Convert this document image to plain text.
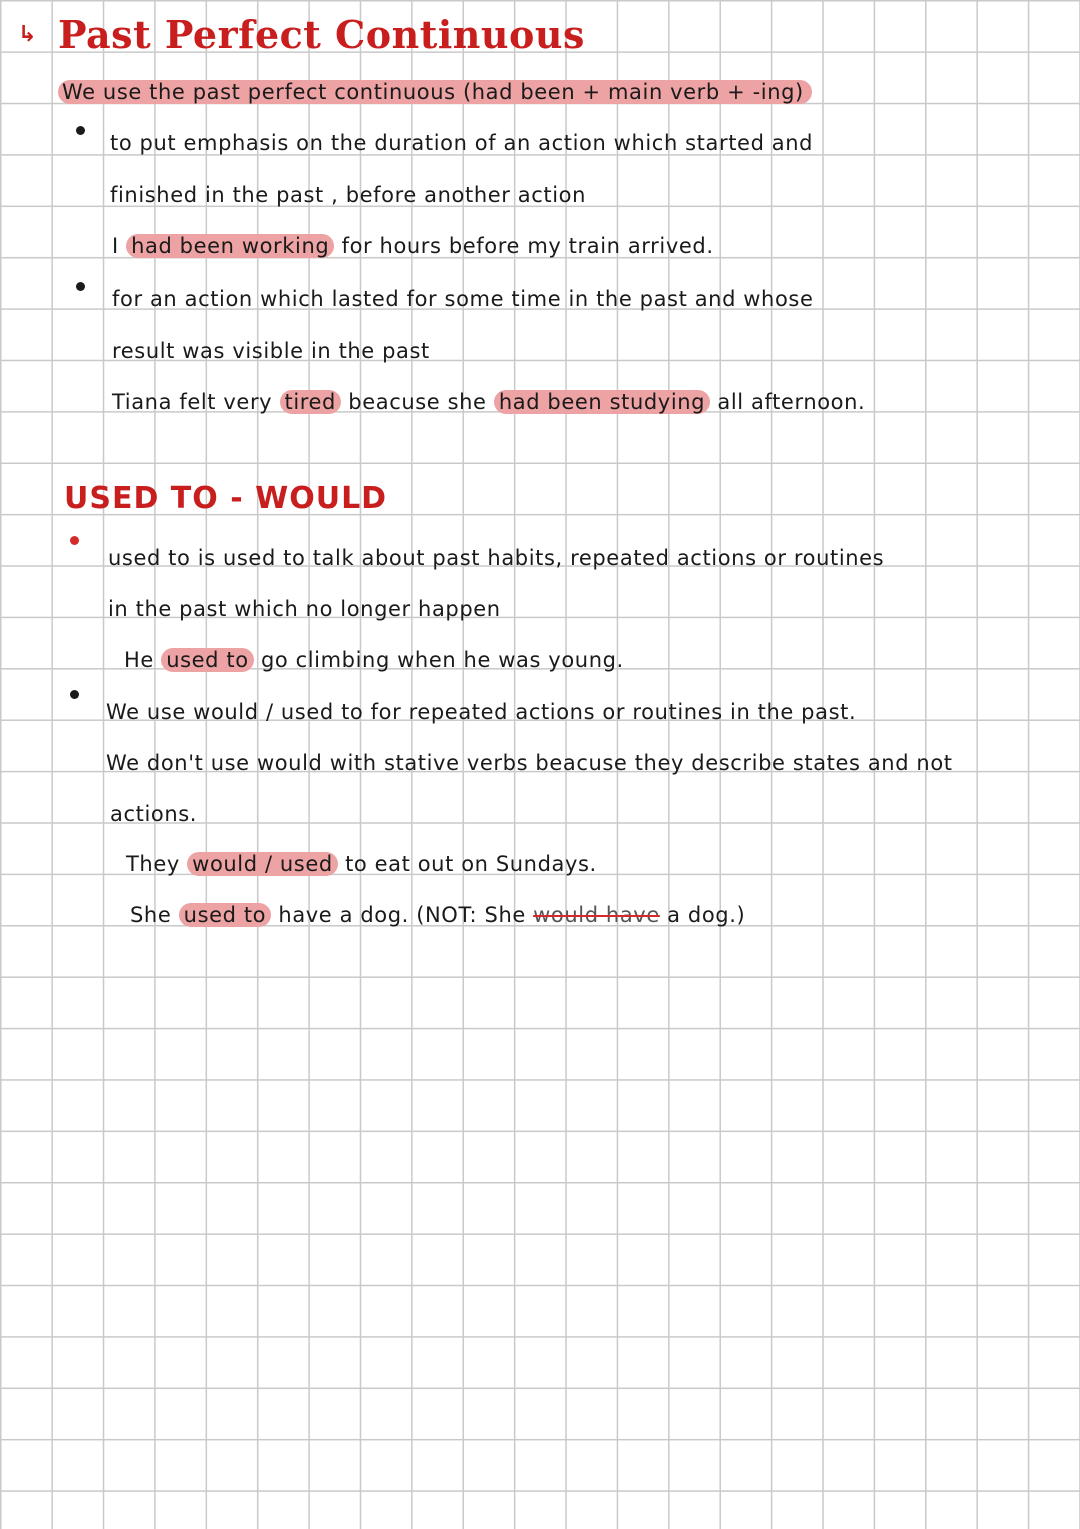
↳ Past Perfect Continuous
We use the past perfect continuous (had been + main verb + -ing)
to put emphasis on the duration of an action which started and
finished in the past , before another action
I had been working for hours before my train arrived.
for an action which lasted for some time in the past and whose
result was visible in the past
Tiana felt very tired beacuse she had been studying all afternoon.
USED TO - WOULD
used to is used to talk about past habits, repeated actions or routines
in the past which no longer happen
He used to go climbing when he was young.
We use would / used to for repeated actions or routines in the past.
We don't use would with stative verbs beacuse they describe states and not
actions.
They would / used to eat out on Sundays.
She used to have a dog. (NOT: She would have a dog.)
